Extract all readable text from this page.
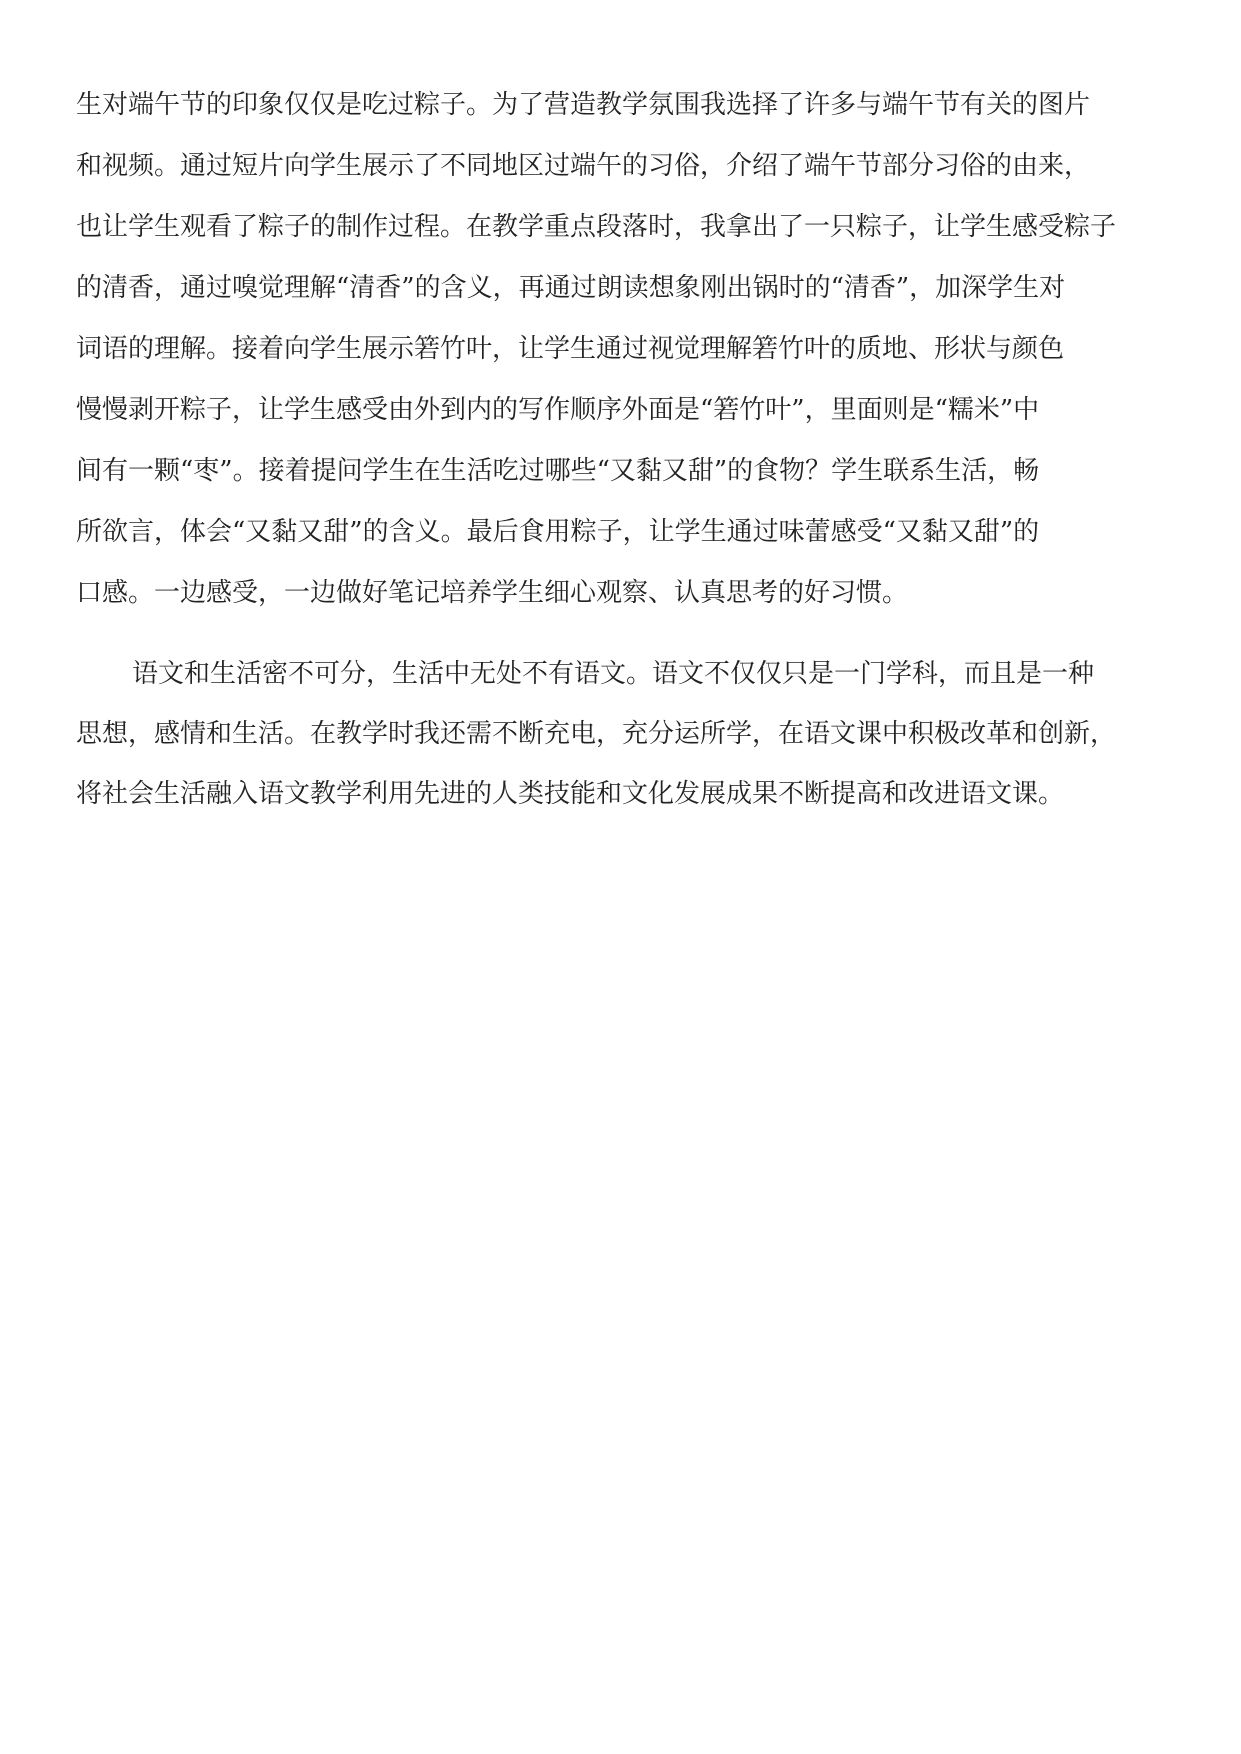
生对端午节的印象仅仅是吃过粽子。为了营造教学氛围我选择了许多与端午节有关的图片
和视频。通过短片向学生展示了不同地区过端午的习俗，介绍了端午节部分习俗的由来，
也让学生观看了粽子的制作过程。在教学重点段落时，我拿出了一只粽子，让学生感受粽子
的清香，通过嗅觉理解“清香”的含义，再通过朗读想象刚出锅时的“清香”，加深学生对
词语的理解。接着向学生展示箬竹叶，让学生通过视觉理解箬竹叶的质地、形状与颜色
慢慢剥开粽子，让学生感受由外到内的写作顺序外面是“箬竹叶”，里面则是“糯米”中
间有一颗“枣”。接着提问学生在生活吃过哪些“又黏又甜”的食物？学生联系生活，畅
所欲言，体会“又黏又甜”的含义。最后食用粽子，让学生通过味蕾感受“又黏又甜”的
口感。一边感受，一边做好笔记培养学生细心观察、认真思考的好习惯。
语文和生活密不可分，生活中无处不有语文。语文不仅仅只是一门学科，而且是一种
思想，感情和生活。在教学时我还需不断充电，充分运所学，在语文课中积极改革和创新，
将社会生活融入语文教学利用先进的人类技能和文化发展成果不断提高和改进语文课。
